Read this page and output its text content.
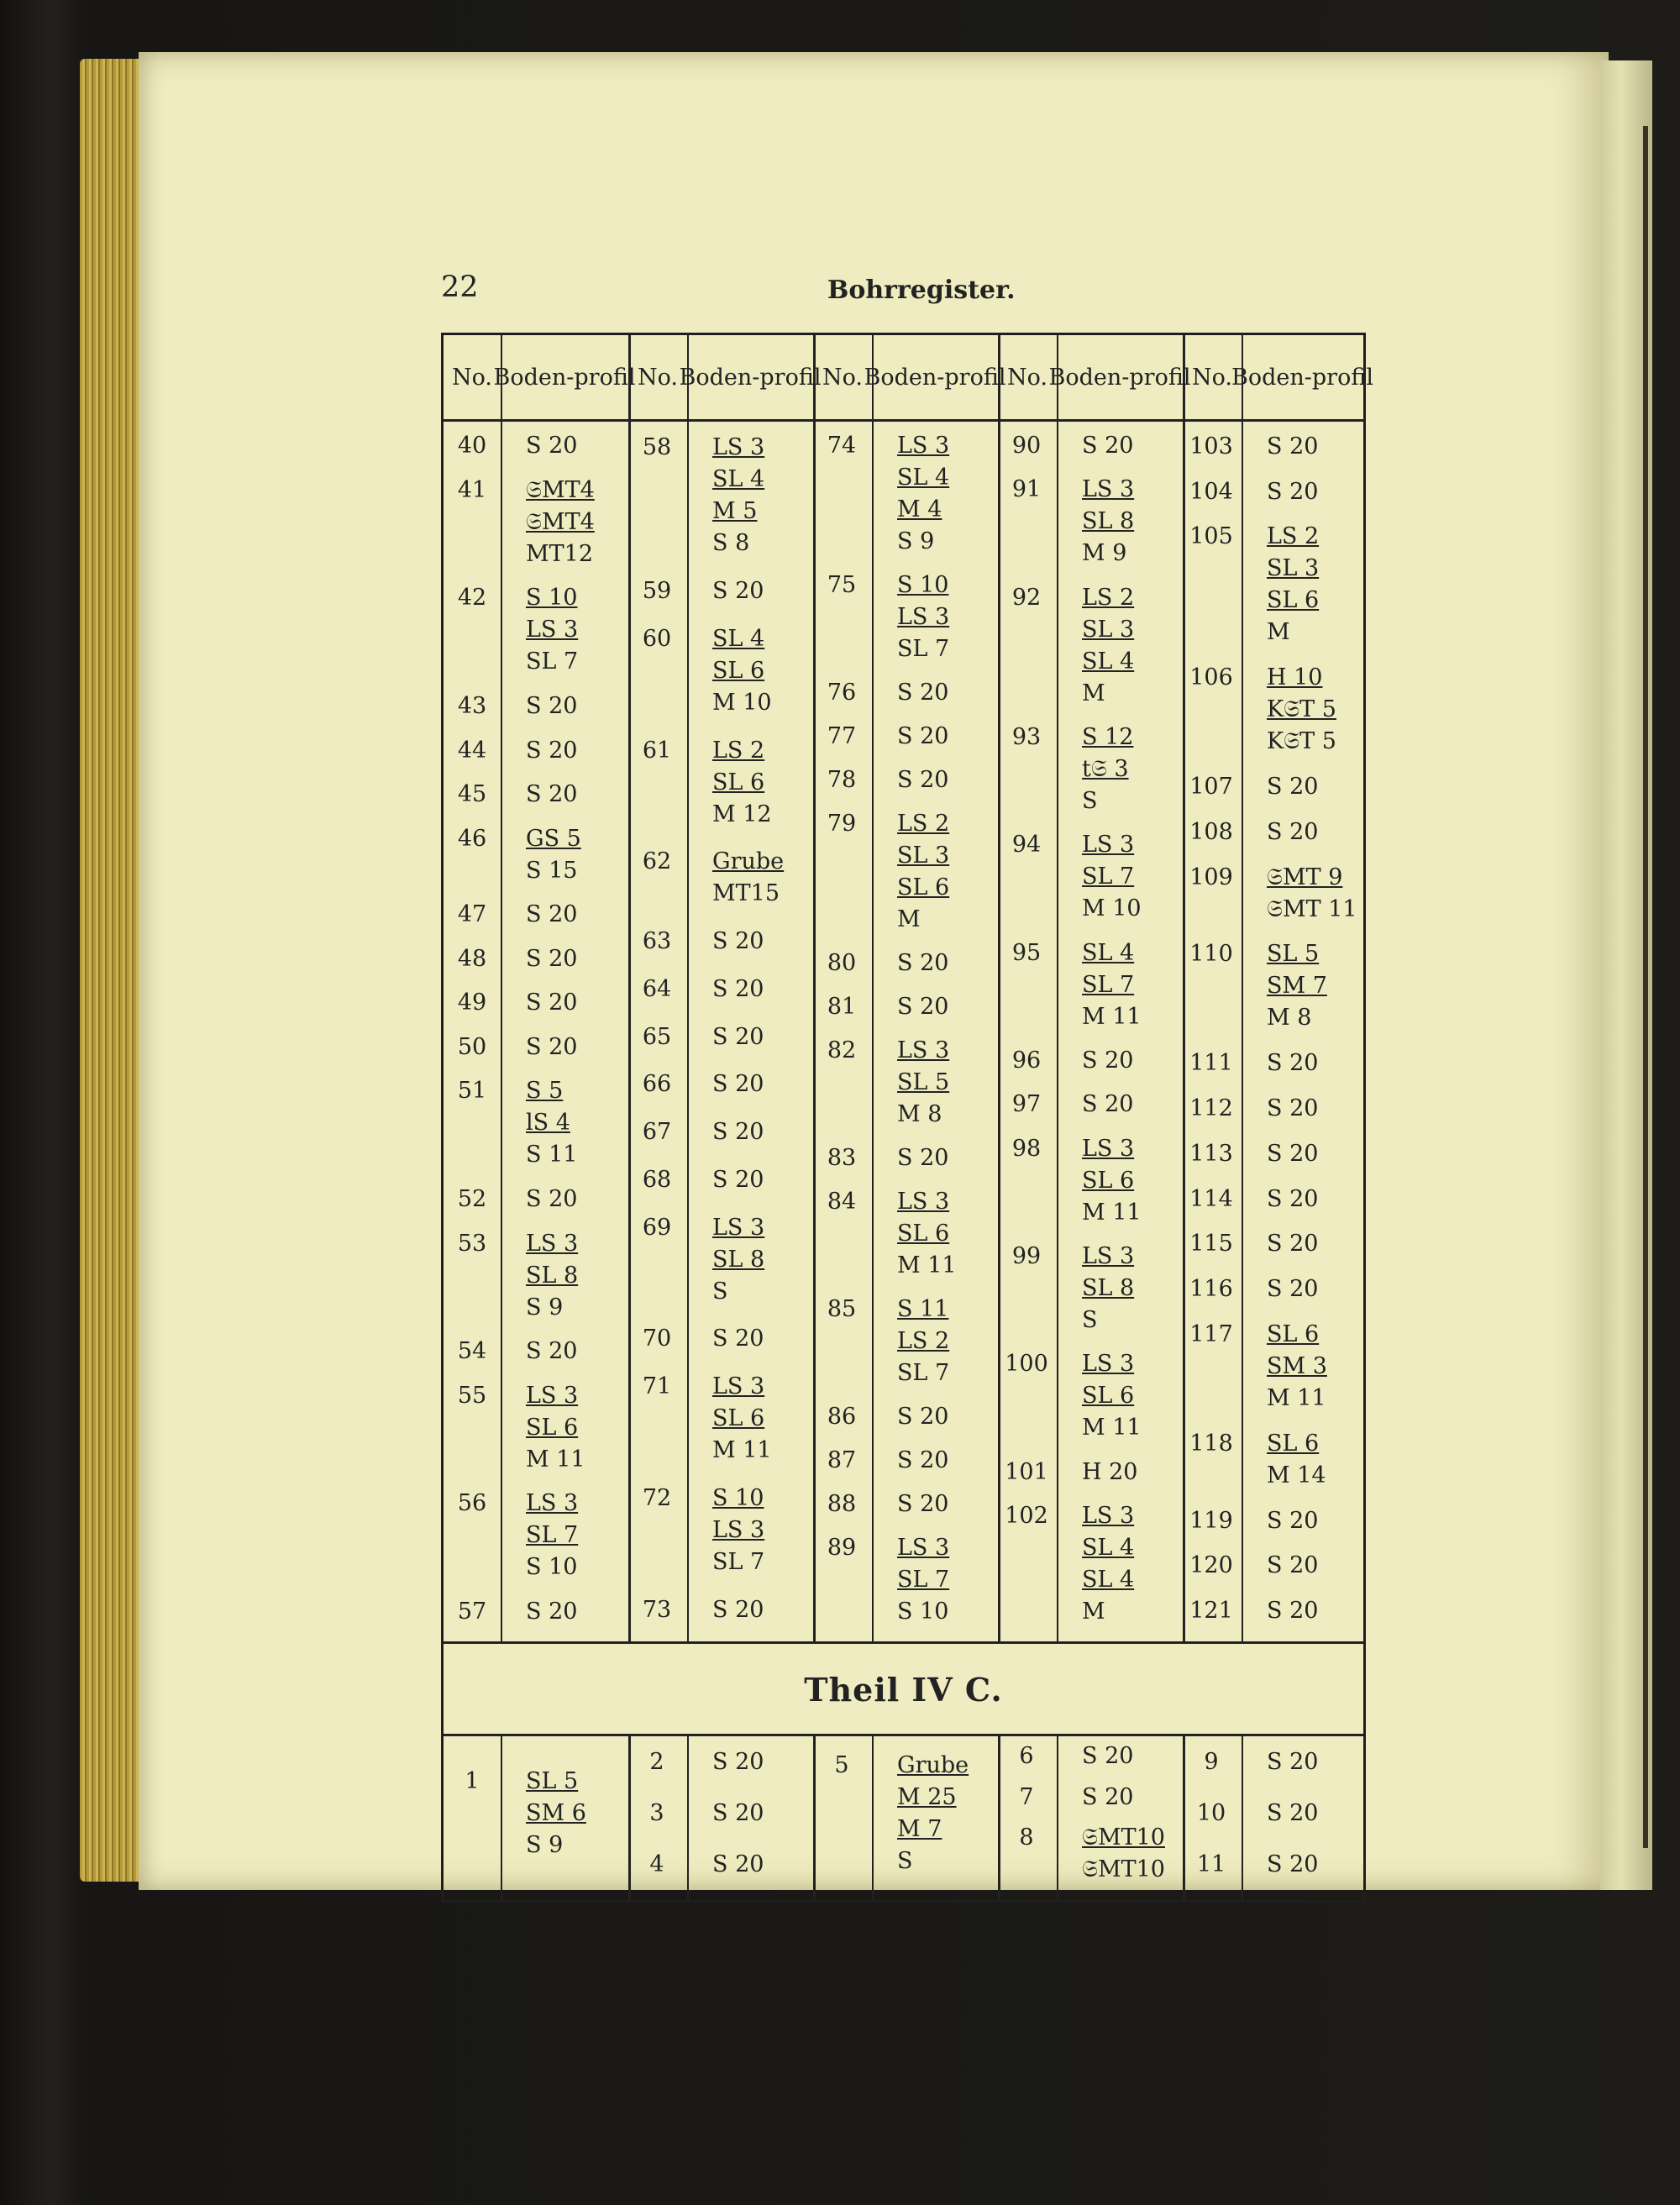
22	Bohrregister.
Theil IV C.
No. Boden- profil No. Boden- profil No. Boden- profil No. Boden- profil No. Boden- profil
40	S 20
41	𝔖MT4
𝔖MT4
MT12
42	S 10
LS 3
SL 7
43	S 20
44	S 20
45	S 20
46	GS 5
S 15
47	S 20
48	S 20
49	S 20
50	S 20
51	S 5
lS 4
S 11
52	S 20
53	LS 3
SL 8
S 9
54	S 20
55	LS 3
SL 6
M 11
56	LS 3
SL 7
S 10
57	S 20
58	LS 3
SL 4
M 5
S 8
59	S 20
60	SL 4
SL 6
M 10
61	LS 2
SL 6
M 12
62	Grube
MT15
63	S 20
64	S 20
65	S 20
66	S 20
67	S 20
68	S 20
69	LS 3
SL 8
S
70	S 20
71	LS 3
SL 6
M 11
72	S 10
LS 3
SL 7
73	S 20
74	LS 3
SL 4
M 4
S 9
75	S 10
LS 3
SL 7
76	S 20
77	S 20
78	S 20
79	LS 2
SL 3
SL 6
M
80	S 20
81	S 20
82	LS 3
SL 5
M 8
83	S 20
84	LS 3
SL 6
M 11
85	S 11
LS 2
SL 7
86	S 20
87	S 20
88	S 20
89	LS 3
SL 7
S 10
90	S 20
91	LS 3
SL 8
M 9
92	LS 2
SL 3
SL 4
M
93	S 12
t𝔖 3
S
94	LS 3
SL 7
M 10
95	SL 4
SL 7
M 11
96	S 20
97	S 20
98	LS 3
SL 6
M 11
99	LS 3
SL 8
S
100 LS 3
SL 6
M 11
101 H 20
102 LS 3
SL 4
SL 4
M
103 S 20
104 S 20
105 LS 2
SL 3
SL 6
M
106 H 10
K𝔖T 5
K𝔖T 5
107 S 20
108 S 20
109 𝔖MT 9
𝔖MT 11
110 SL 5
SM 7
M 8
111 S 20
112 S 20
113 S 20
114 S 20
115 S 20
116 S 20
117 SL 6
SM 3
M 11
118 SL 6
M 14
119 S 20
120 S 20
121 S 20
1	SL 5
SM 6
S 9
2	S 20
3	S 20
4	S 20
5	Grube
M 25
M 7
S
6	S 20
7	S 20
8	𝔖MT10
𝔖MT10
9	S 20
10	S 20
11	S 20
